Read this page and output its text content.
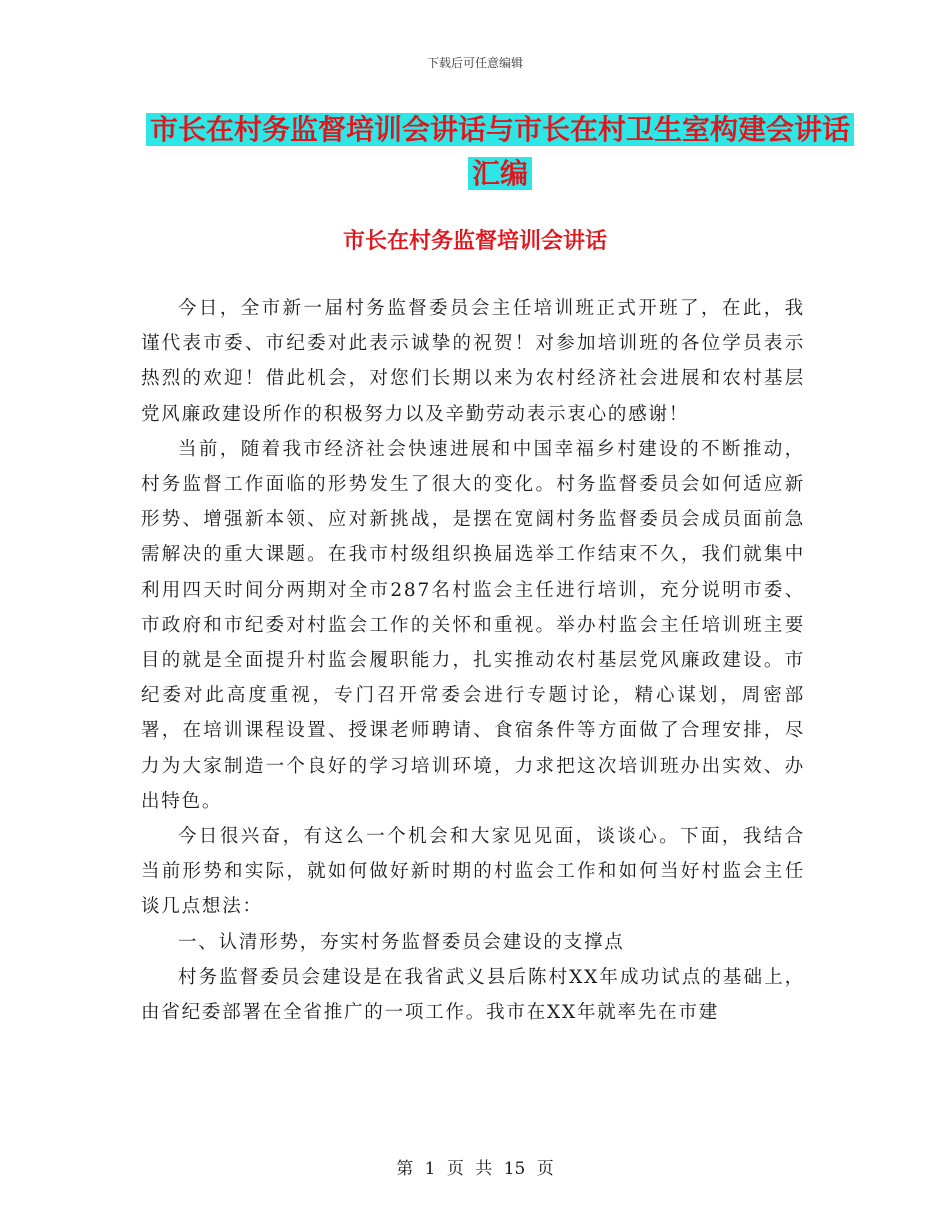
下载后可任意编辑
市长在村务监督培训会讲话与市长在村卫生室构建会讲话汇编
市长在村务监督培训会讲话

今日，全市新一届村务监督委员会主任培训班正式开班了，在此，我谨代表市委、市纪委对此表示诚挚的祝贺！对参加培训班的各位学员表示热烈的欢迎！借此机会，对您们长期以来为农村经济社会进展和农村基层党风廉政建设所作的积极努力以及辛勤劳动表示衷心的感谢！

当前，随着我市经济社会快速进展和中国幸福乡村建设的不断推动，村务监督工作面临的形势发生了很大的变化。村务监督委员会如何适应新形势、增强新本领、应对新挑战，是摆在宽阔村务监督委员会成员面前急需解决的重大课题。在我市村级组织换届选举工作结束不久，我们就集中利用四天时间分两期对全市287名村监会主任进行培训，充分说明市委、市政府和市纪委对村监会工作的关怀和重视。举办村监会主任培训班主要目的就是全面提升村监会履职能力，扎实推动农村基层党风廉政建设。市纪委对此高度重视，专门召开常委会进行专题讨论，精心谋划，周密部署，在培训课程设置、授课老师聘请、食宿条件等方面做了合理安排，尽力为大家制造一个良好的学习培训环境，力求把这次培训班办出实效、办出特色。

今日很兴奋，有这么一个机会和大家见见面，谈谈心。下面，我结合当前形势和实际，就如何做好新时期的村监会工作和如何当好村监会主任谈几点想法：

一、认清形势，夯实村务监督委员会建设的支撑点

村务监督委员会建设是在我省武义县后陈村XX年成功试点的基础上，由省纪委部署在全省推广的一项工作。我市在XX年就率先在市建

第 1 页 共 15 页
